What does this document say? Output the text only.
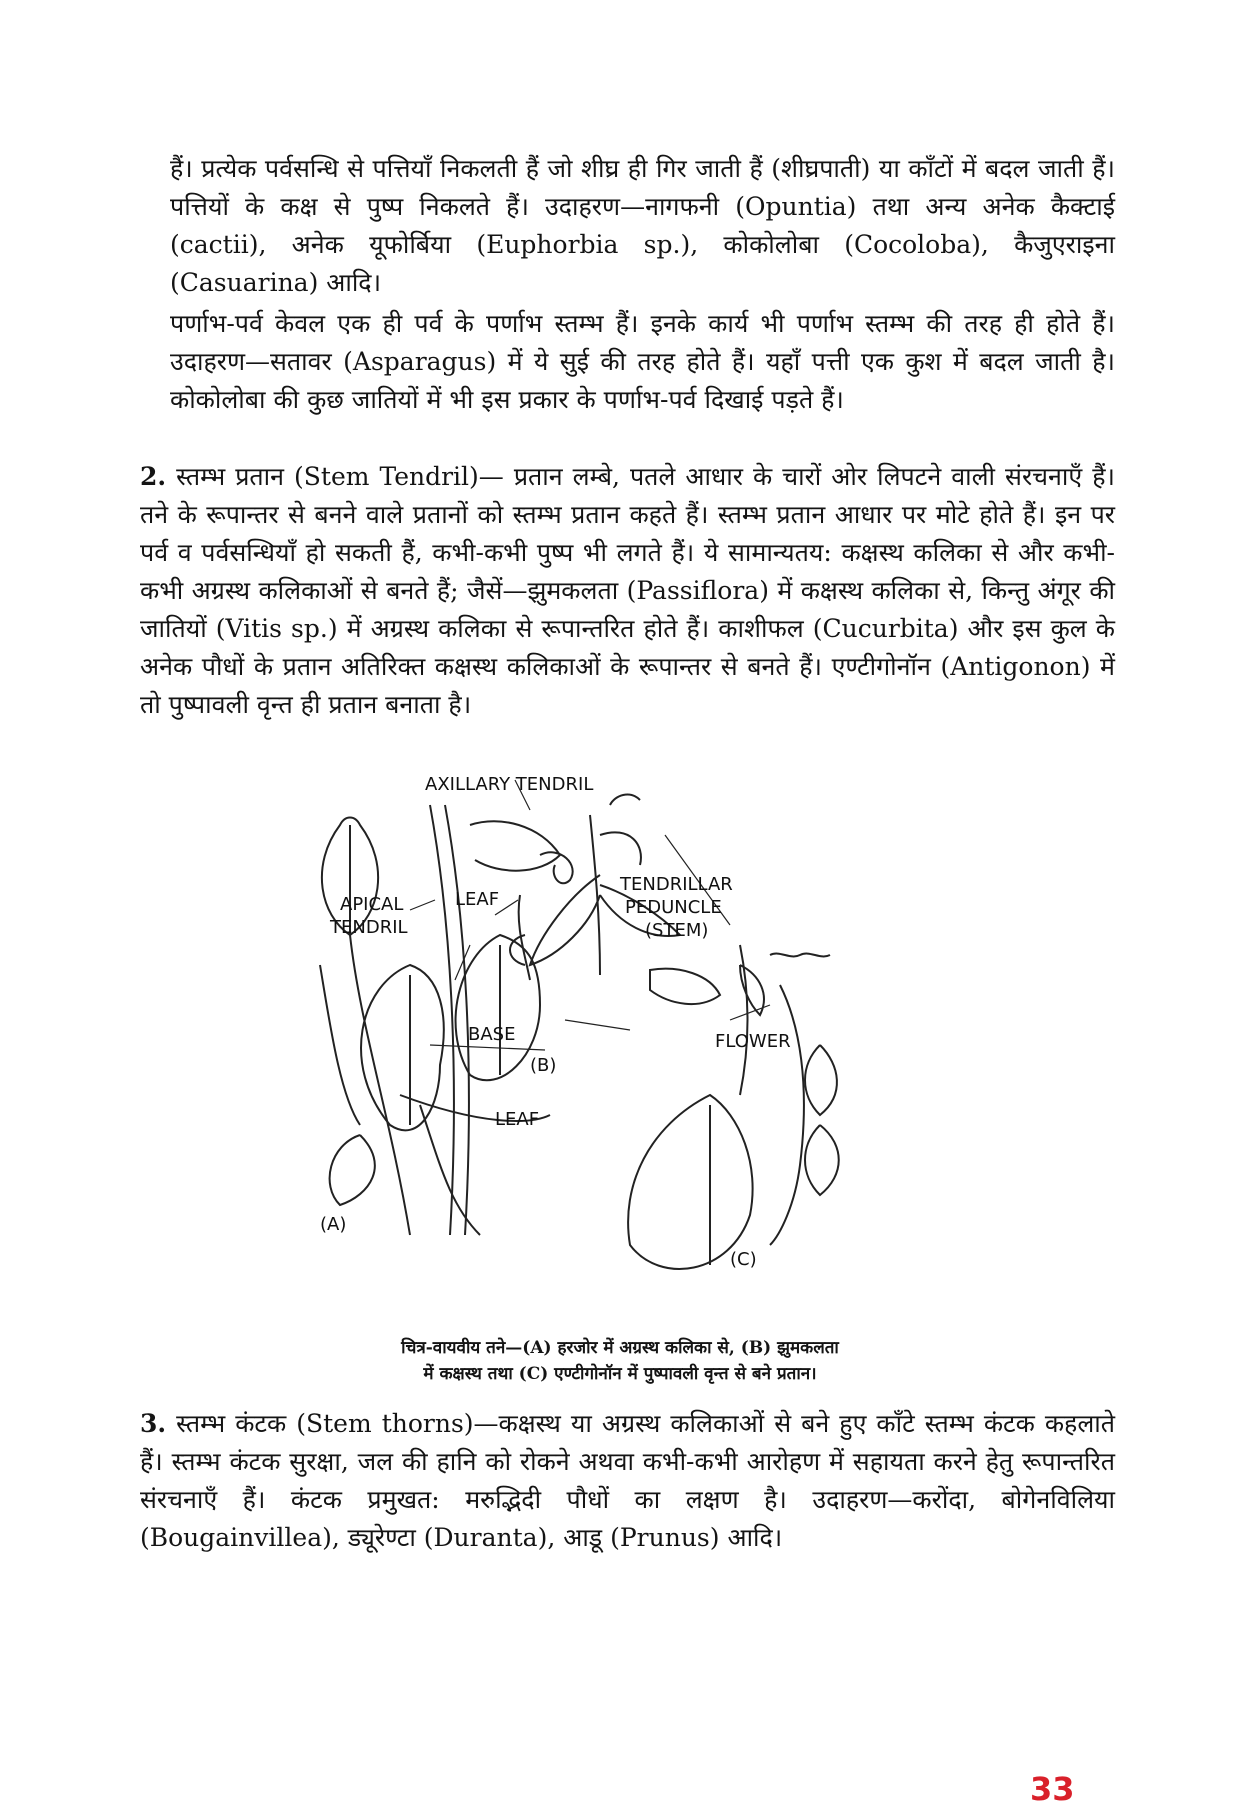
हैं। प्रत्येक पर्वसन्धि से पत्तियाँ निकलती हैं जो शीघ्र ही गिर जाती हैं (शीघ्रपाती) या काँटों में बदल जाती हैं। पत्तियों के कक्ष से पुष्प निकलते हैं। उदाहरण—नागफनी (Opuntia) तथा अन्य अनेक कैक्टाई (cactii), अनेक यूफोर्बिया (Euphorbia sp.), कोकोलोबा (Cocoloba), कैजुएराइना (Casuarina) आदि।
पर्णाभ-पर्व केवल एक ही पर्व के पर्णाभ स्तम्भ हैं। इनके कार्य भी पर्णाभ स्तम्भ की तरह ही होते हैं। उदाहरण—सतावर (Asparagus) में ये सुई की तरह होते हैं। यहाँ पत्ती एक कुश में बदल जाती है। कोकोलोबा की कुछ जातियों में भी इस प्रकार के पर्णाभ-पर्व दिखाई पड़ते हैं।
2. स्तम्भ प्रतान (Stem Tendril)— प्रतान लम्बे, पतले आधार के चारों ओर लिपटने वाली संरचनाएँ हैं। तने के रूपान्तर से बनने वाले प्रतानों को स्तम्भ प्रतान कहते हैं। स्तम्भ प्रतान आधार पर मोटे होते हैं। इन पर पर्व व पर्वसन्धियाँ हो सकती हैं, कभी-कभी पुष्प भी लगते हैं। ये सामान्यतय: कक्षस्थ कलिका से और कभी-कभी अग्रस्थ कलिकाओं से बनते हैं; जैसें—झुमकलता (Passiflora) में कक्षस्थ कलिका से, किन्तु अंगूर की जातियों (Vitis sp.) में अग्रस्थ कलिका से रूपान्तरित होते हैं। काशीफल (Cucurbita) और इस कुल के अनेक पौधों के प्रतान अतिरिक्त कक्षस्थ कलिकाओं के रूपान्तर से बनते हैं। एण्टीगोनॉन (Antigonon) में तो पुष्पावली वृन्त ही प्रतान बनाता है।
AXILLARY TENDRIL
APICAL
TENDRIL
LEAF
TENDRILLAR
PEDUNCLE
(STEM)
BASE	FLOWER
(B)
LEAF
(A)
(C)
चित्र-वायवीय तने—(A) हरजोर में अग्रस्थ कलिका से, (B) झुमकलता
में कक्षस्थ तथा (C) एण्टीगोनॉन में पुष्पावली वृन्त से बने प्रतान।
3. स्तम्भ कंटक (Stem thorns)—कक्षस्थ या अग्रस्थ कलिकाओं से बने हुए काँटे स्तम्भ कंटक कहलाते हैं। स्तम्भ कंटक सुरक्षा, जल की हानि को रोकने अथवा कभी-कभी आरोहण में सहायता करने हेतु रूपान्तरित संरचनाएँ हैं। कंटक प्रमुखत: मरुद्भिदी पौधों का लक्षण है। उदाहरण—करोंदा, बोगेनविलिया (Bougainvillea), ड्यूरेण्टा (Duranta), आडू (Prunus) आदि।
33
